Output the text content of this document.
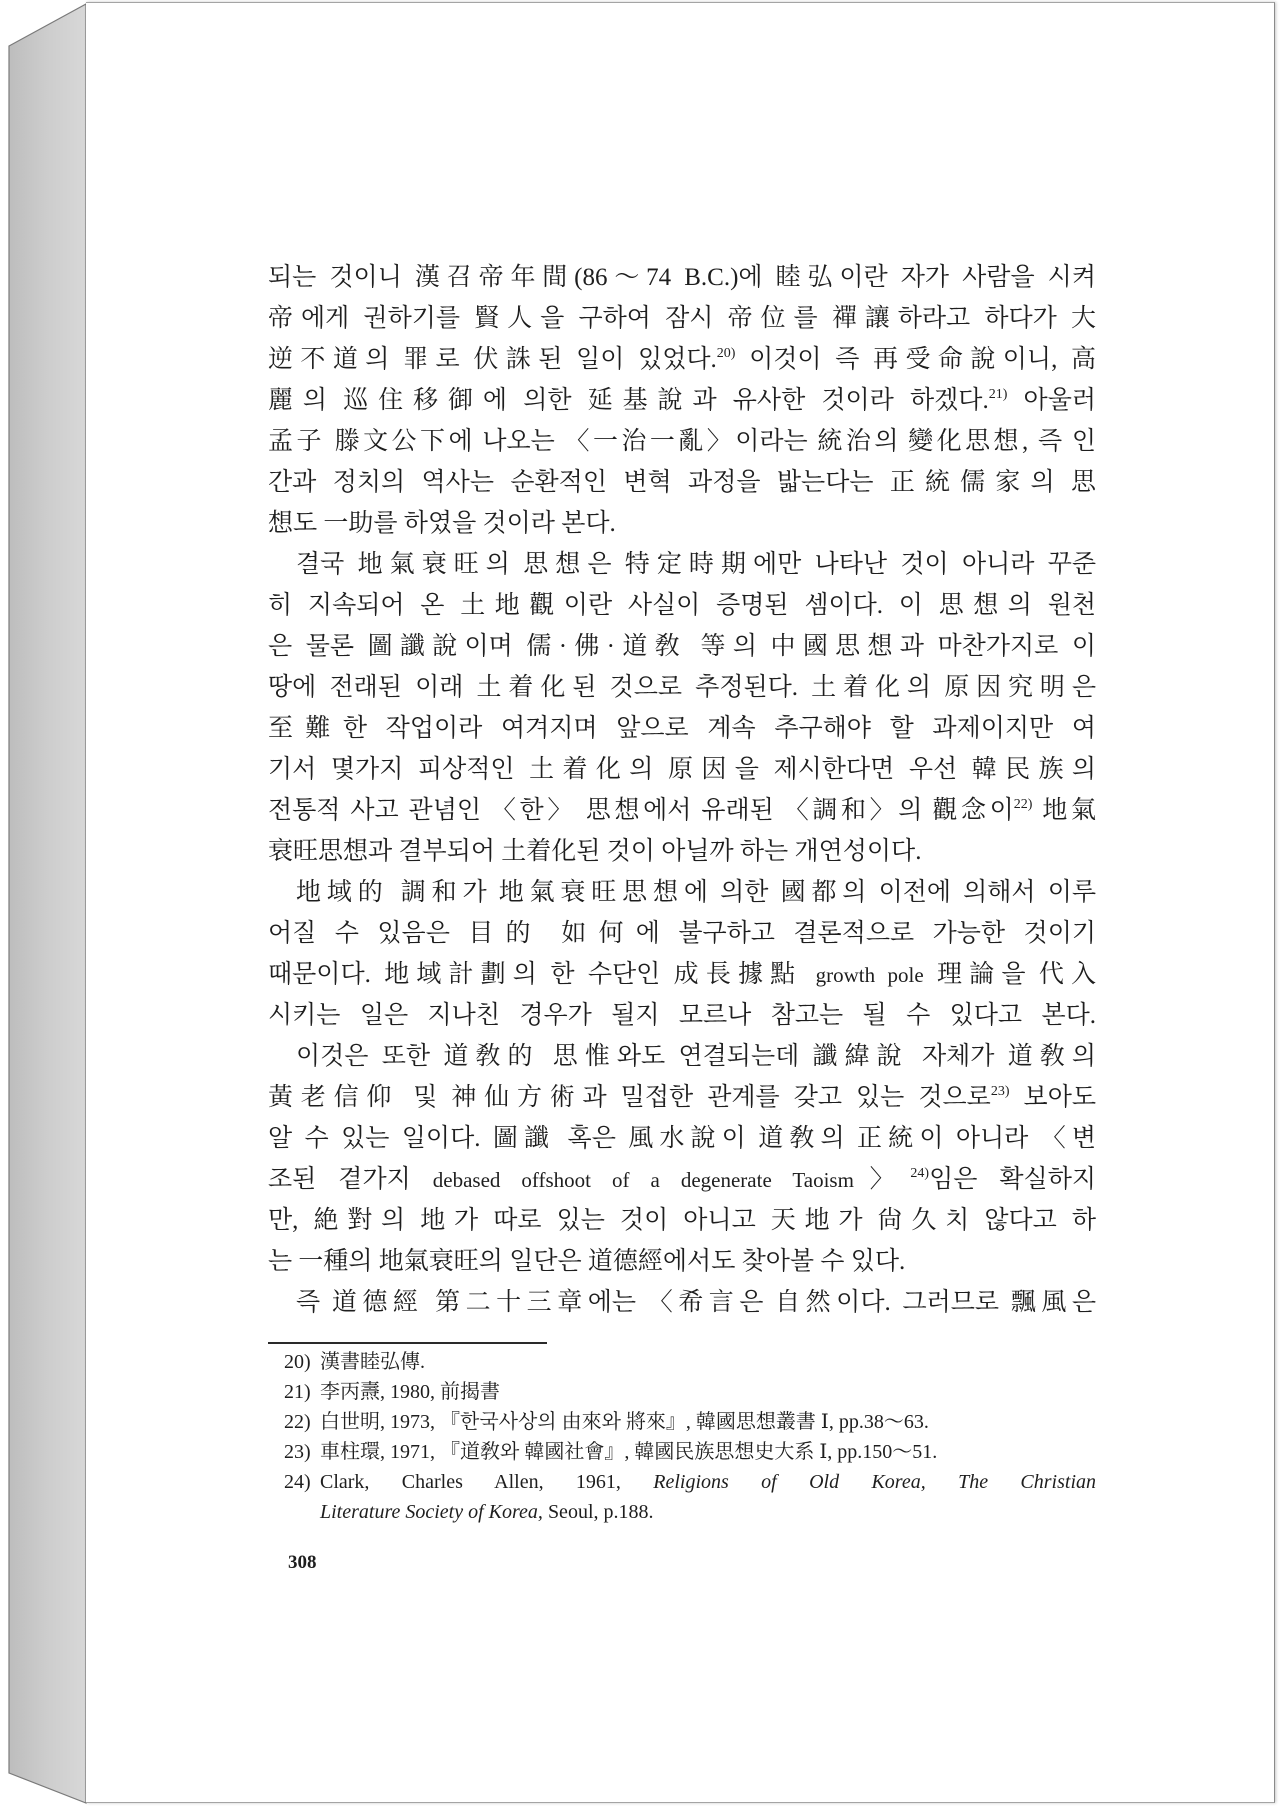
되는 것이니 漢召帝年間(86～74 B.C.)에 睦弘이란 자가 사람을 시켜
帝에게 권하기를 賢人을 구하여 잠시 帝位를 禪讓하라고 하다가 大
逆不道의 罪로 伏誅된 일이 있었다.$^{20)}$ 이것이 즉 再受命說이니, 高
麗의 巡住移御에 의한 延基說과 유사한 것이라 하겠다.$^{21)}$ 아울러
孟子 滕文公下에 나오는 〈一治一亂〉이라는 統治의 變化思想, 즉 인
간과 정치의 역사는 순환적인 변혁 과정을 밟는다는 正統儒家의 思
想도 一助를 하였을 것이라 본다.
결국 地氣衰旺의 思想은 特定時期에만 나타난 것이 아니라 꾸준
히 지속되어 온 土地觀이란 사실이 증명된 셈이다. 이 思想의 원천
은 물론 圖讖說이며 儒·佛·道敎 等의 中國思想과 마찬가지로 이
땅에 전래된 이래 土着化된 것으로 추정된다. 土着化의 原因究明은
至難한 작업이라 여겨지며 앞으로 계속 추구해야 할 과제이지만 여
기서 몇가지 피상적인 土着化의 原因을 제시한다면 우선 韓民族의
전통적 사고 관념인 〈한〉 思想에서 유래된 〈調和〉의 觀念이$^{22)}$ 地氣
衰旺思想과 결부되어 土着化된 것이 아닐까 하는 개연성이다.
地域的 調和가 地氣衰旺思想에 의한 國都의 이전에 의해서 이루
어질 수 있음은 目的 如何에 불구하고 결론적으로 가능한 것이기
때문이다. 地域計劃의 한 수단인 成長據點 growth pole 理論을 代入
시키는 일은 지나친 경우가 될지 모르나 참고는 될 수 있다고 본다.
이것은 또한 道敎的 思惟와도 연결되는데 讖緯說 자체가 道敎의
黃老信仰 및 神仙方術과 밀접한 관계를 갖고 있는 것으로$^{23)}$ 보아도
알 수 있는 일이다. 圖讖 혹은 風水說이 道敎의 正統이 아니라 〈변
조된 곁가지 debased offshoot of a degenerate Taoism〉$^{24)}$임은 확실하지
만, 絶對의 地가 따로 있는 것이 아니고 天地가 尙久치 않다고 하
는 一種의 地氣衰旺의 일단은 道德經에서도 찾아볼 수 있다.
즉 道德經 第二十三章에는 〈希言은 自然이다. 그러므로 飄風은
20) 漢書睦弘傳.
21) 李丙燾, 1980, 前揭書
22) 白世明, 1973, 『한국사상의 由來와 將來』, 韓國思想叢書 Ⅰ, pp.38～63.
23) 車柱環, 1971, 『道敎와 韓國社會』, 韓國民族思想史大系 Ⅰ, pp.150～51.
24) Clark, Charles Allen, 1961, Religions of Old Korea, The Christian
Literature Society of Korea, Seoul, p.188.
308
